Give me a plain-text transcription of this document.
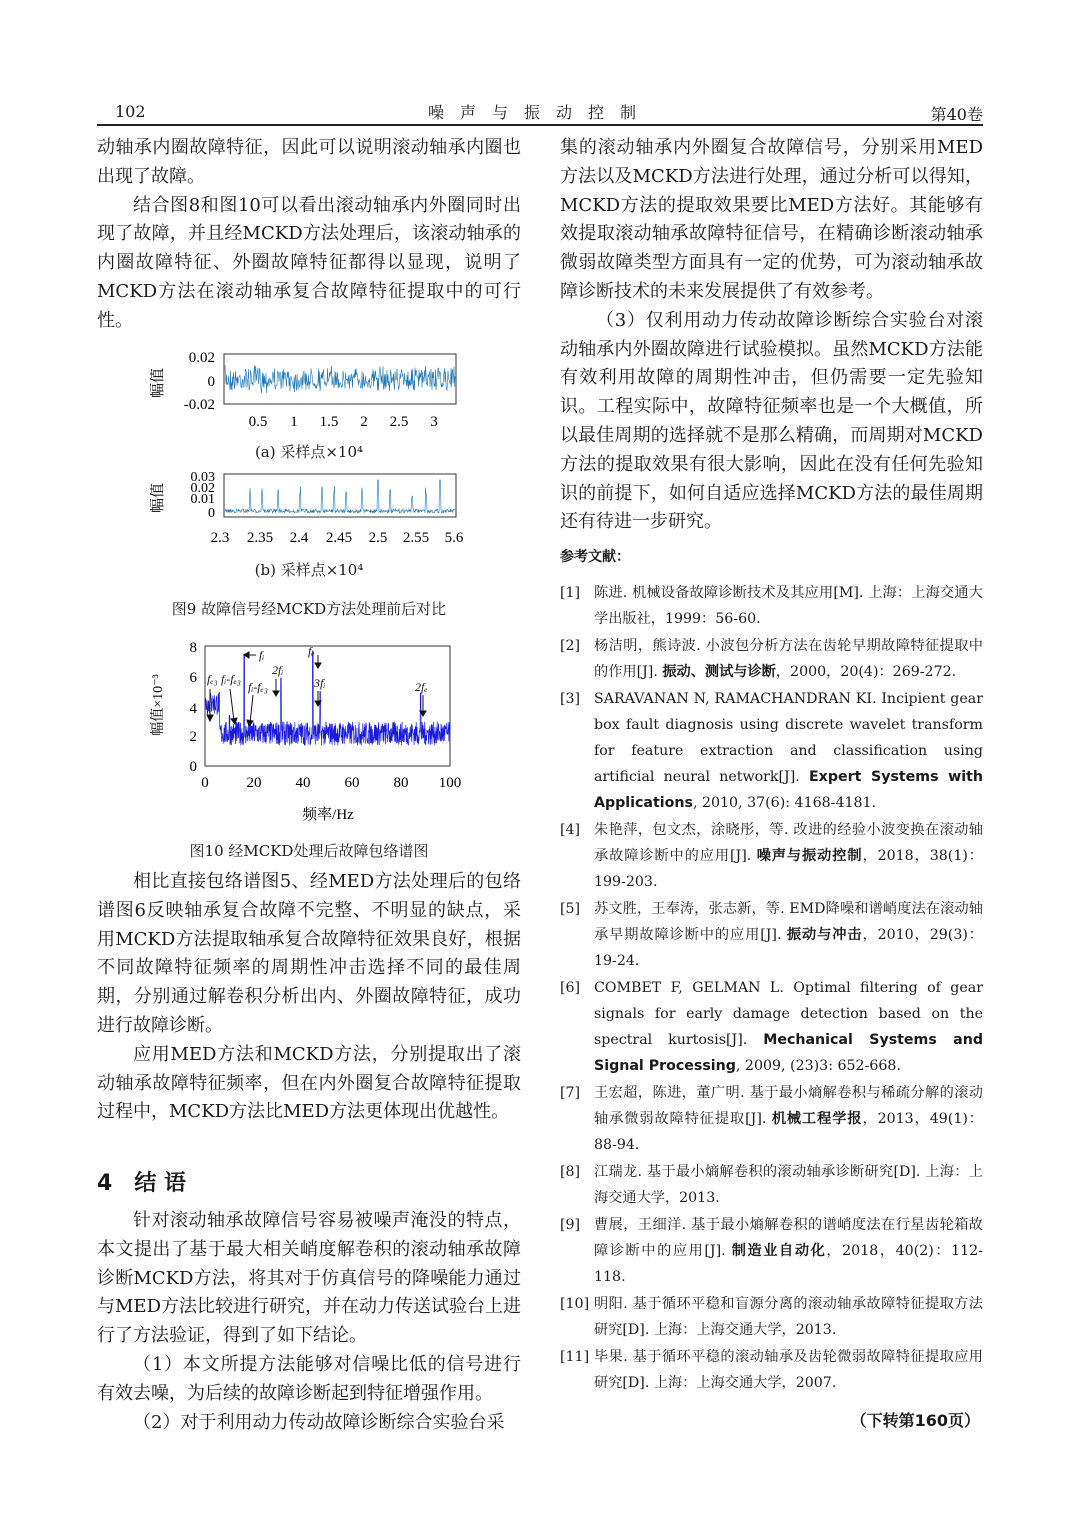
102	噪声与振动控制	第40卷

动轴承内圈故障特征，因此可以说明滚动轴承内圈也出现了故障。

结合图8和图10可以看出滚动轴承内外圈同时出现了故障，并且经MCKD方法处理后，该滚动轴承的内圈故障特征、外圈故障特征都得以显现，说明了MCKD方法在滚动轴承复合故障特征提取中的可行性。

幅值
0.02
0
-0.02
0.5 1 1.5 2 2.5 3
(a) 采样点×10⁴
幅值
0.03
0.02
0.01
0
2.3 2.35 2.4 2.45 2.5 2.55 5.6
(b) 采样点×10⁴
图9 故障信号经MCKD方法处理前后对比
幅值×10⁻³
8
6
4
2
0
fₑ₃ fᵢ-fₑ₃
fᵢ
2fᵢ
fᵢ-fₑ₃
fₑ
3fᵢ	2fₑ
0	20 40 60 80 100
频率/Hz
图10 经MCKD处理后故障包络谱图

相比直接包络谱图5、经MED方法处理后的包络谱图6反映轴承复合故障不完整、不明显的缺点，采用MCKD方法提取轴承复合故障特征效果良好，根据不同故障特征频率的周期性冲击选择不同的最佳周期，分别通过解卷积分析出内、外圈故障特征，成功进行故障诊断。

应用MED方法和MCKD方法，分别提取出了滚动轴承故障特征频率，但在内外圈复合故障特征提取过程中，MCKD方法比MED方法更体现出优越性。

4 结 语

针对滚动轴承故障信号容易被噪声淹没的特点，本文提出了基于最大相关峭度解卷积的滚动轴承故障诊断MCKD方法，将其对于仿真信号的降噪能力通过与MED方法比较进行研究，并在动力传送试验台上进行了方法验证，得到了如下结论。

（1）本文所提方法能够对信噪比低的信号进行有效去噪，为后续的故障诊断起到特征增强作用。

（2）对于利用动力传动故障诊断综合实验台采

集的滚动轴承内外圈复合故障信号，分别采用MED方法以及MCKD方法进行处理，通过分析可以得知，MCKD方法的提取效果要比MED方法好。其能够有效提取滚动轴承故障特征信号，在精确诊断滚动轴承微弱故障类型方面具有一定的优势，可为滚动轴承故障诊断技术的未来发展提供了有效参考。

（3）仅利用动力传动故障诊断综合实验台对滚动轴承内外圈故障进行试验模拟。虽然MCKD方法能有效利用故障的周期性冲击，但仍需要一定先验知识。工程实际中，故障特征频率也是一个大概值，所以最佳周期的选择就不是那么精确，而周期对MCKD方法的提取效果有很大影响，因此在没有任何先验知识的前提下，如何自适应选择MCKD方法的最佳周期还有待进一步研究。

参考文献：
[1] 陈进. 机械设备故障诊断技术及其应用[M]. 上海：上海交通大学出版社，1999：56-60.
[2] 杨洁明，熊诗波. 小波包分析方法在齿轮早期故障特征提取中的作用[J]. 振动、测试与诊断，2000，20(4)：269-272.
[3] SARAVANAN N, RAMACHANDRAN KI. Incipient gear box fault diagnosis using discrete wavelet transform for feature extraction and classification using artificial neural network[J]. Expert Systems with Applications, 2010, 37(6): 4168-4181.
[4] 朱艳萍，包文杰，涂晓彤，等. 改进的经验小波变换在滚动轴承故障诊断中的应用[J]. 噪声与振动控制，2018，38(1)：199-203.
[5] 苏文胜，王奉涛，张志新，等. EMD降噪和谱峭度法在滚动轴承早期故障诊断中的应用[J]. 振动与冲击，2010，29(3)：19-24.
[6] COMBET F, GELMAN L. Optimal filtering of gear signals for early damage detection based on the spectral kurtosis[J]. Mechanical Systems and Signal Processing, 2009, (23)3: 652-668.
[7] 王宏超，陈进，董广明. 基于最小熵解卷积与稀疏分解的滚动轴承微弱故障特征提取[J]. 机械工程学报，2013，49(1)：88-94.
[8] 江瑞龙. 基于最小熵解卷积的滚动轴承诊断研究[D]. 上海：上海交通大学，2013.
[9] 曹展，王细洋. 基于最小熵解卷积的谱峭度法在行星齿轮箱故障诊断中的应用[J]. 制造业自动化，2018，40(2)：112-118.
[10] 明阳. 基于循环平稳和盲源分离的滚动轴承故障特征提取方法研究[D]. 上海：上海交通大学，2013.
[11] 毕果. 基于循环平稳的滚动轴承及齿轮微弱故障特征提取应用研究[D]. 上海：上海交通大学，2007.
（下转第160页）
